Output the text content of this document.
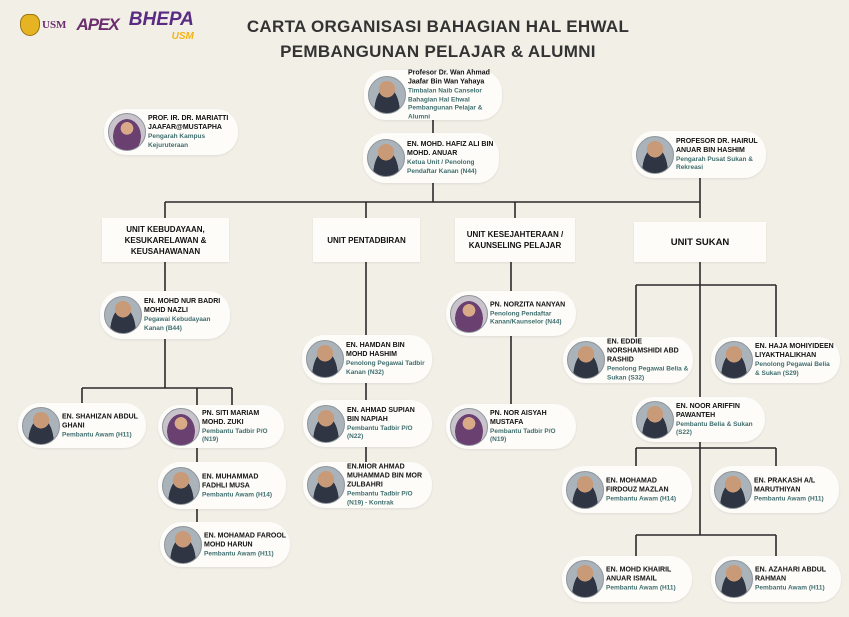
USM APEX BHEPA
USM	CARTA ORGANISASI BAHAGIAN HAL EHWAL
PEMBANGUNAN PELAJAR & ALUMNI
UNIT KEBUDAYAAN, KESUKARELAWAN & KEUSAHAWANAN
UNIT PENTADBIRAN
UNIT KESEJAHTERAAN / KAUNSELING PELAJAR	UNIT SUKAN
Profesor Dr. Wan Ahmad Jaafar Bin Wan Yahaya
Timbalan Naib Canselor Bahagian Hal Ehwal Pembangunan Pelajar & Alumni
PROF. IR. DR. MARIATTI JAAFAR@MUSTAPHA
Pengarah Kampus Kejuruteraan	EN. MOHD. HAFIZ ALI BIN MOHD. ANUAR
Ketua Unit / Penolong Pendaftar Kanan (N44)
PROFESOR DR. HAIRUL ANUAR BIN HASHIM
Pengarah Pusat Sukan & Rekreasi
EN. MOHD NUR BADRI MOHD NAZLI
Pegawai Kebudayaan Kanan (B44)
EN. HAMDAN BIN MOHD HASHIM
Penolong Pegawai Tadbir Kanan (N32)
PN. NORZITA NANYAN
Penolong Pendaftar Kanan/Kaunselor (N44)
EN. EDDIE NORSHAMSHIDI ABD RASHID
Penolong Pegawai Belia & Sukan (S32)
EN. HAJA MOHIYIDEEN LIYAKTHALIKHAN
Penolong Pegawai Belia & Sukan (S29)
EN. SHAHIZAN ABDUL GHANI
Pembantu Awam (H11)
PN. SITI MARIAM MOHD. ZUKI
Pembantu Tadbir P/O (N19)
EN. AHMAD SUPIAN BIN NAPIAH
Pembantu Tadbir P/O (N22)
PN. NOR AISYAH MUSTAFA
Pembantu Tadbir P/O (N19)
EN. NOOR ARIFFIN PAWANTEH
Pembantu Belia & Sukan (S22)
EN. MUHAMMAD FADHLI MUSA
Pembantu Awam (H14)
EN.MIOR AHMAD MUHAMMAD BIN MOR ZULBAHRI
Pembantu Tadbir P/O (N19) - Kontrak
EN. MOHAMAD FIRDOUZ MAZLAN
Pembantu Awam (H14)
EN. PRAKASH A/L MARUTHIYAN
Pembantu Awam (H11)
EN. MOHAMAD FAROOL MOHD HARUN
Pembantu Awam (H11)
EN. MOHD KHAIRIL ANUAR ISMAIL
Pembantu Awam (H11)
EN. AZAHARI ABDUL RAHMAN
Pembantu Awam (H11)
